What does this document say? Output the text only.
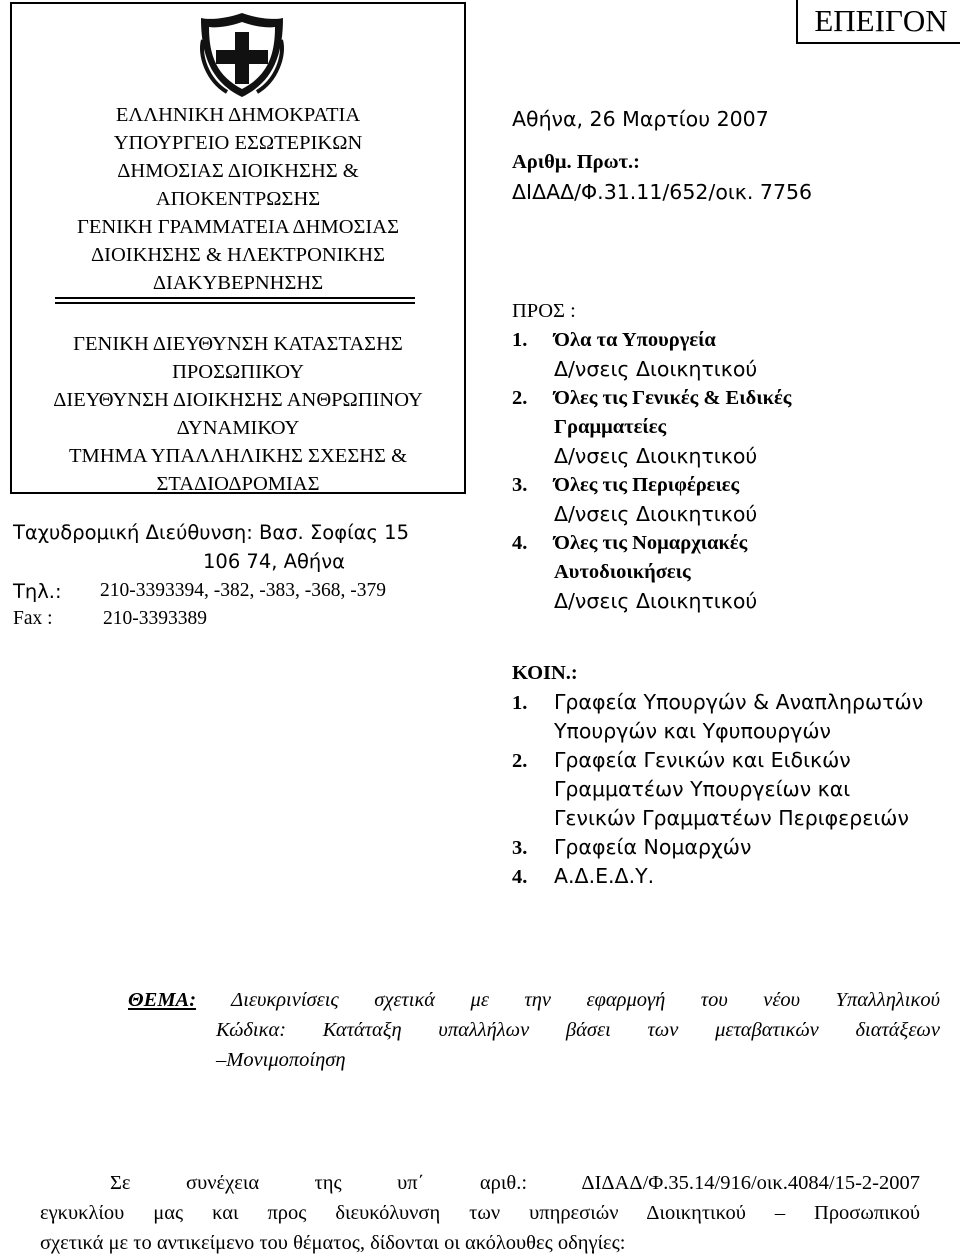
ΕΠΕΙΓΟΝ
ΕΛΛΗΝΙΚΗ ΔΗΜΟΚΡΑΤΙΑ
ΥΠΟΥΡΓΕΙΟ ΕΣΩΤΕΡΙΚΩΝ
ΔΗΜΟΣΙΑΣ ΔΙΟΙΚΗΣΗΣ &
ΑΠΟΚΕΝΤΡΩΣΗΣ
ΓΕΝΙΚΗ ΓΡΑΜΜΑΤΕΙΑ ΔΗΜΟΣΙΑΣ
ΔΙΟΙΚΗΣΗΣ & ΗΛΕΚΤΡΟΝΙΚΗΣ
ΔΙΑΚΥΒΕΡΝΗΣΗΣ
ΓΕΝΙΚΗ ΔΙΕΥΘΥΝΣΗ ΚΑΤΑΣΤΑΣΗΣ
ΠΡΟΣΩΠΙΚΟΥ
ΔΙΕΥΘΥΝΣΗ ΔΙΟΙΚΗΣΗΣ ΑΝΘΡΩΠΙΝΟΥ
ΔΥΝΑΜΙΚΟΥ
ΤΜΗΜΑ ΥΠΑΛΛΗΛΙΚΗΣ ΣΧΕΣΗΣ &
ΣΤΑΔΙΟΔΡΟΜΙΑΣ
Ταχυδρομική Διεύθυνση: Βασ. Σοφίας 15
106 74, Αθήνα
Τηλ.: 210-3393394, -382, -383, -368, -379
Fax :	210-3393389
Αθήνα, 26 Μαρτίου 2007
Αριθμ. Πρωτ.:
ΔΙΔΑΔ/Φ.31.11/652/οικ. 7756
ΠΡΟΣ :
1. Όλα τα Υπουργεία
Δ/νσεις Διοικητικού
2. Όλες τις Γενικές & Ειδικές
Γραμματείες
Δ/νσεις Διοικητικού
3. Όλες τις Περιφέρειες
Δ/νσεις Διοικητικού
4. Όλες τις Νομαρχιακές
Αυτοδιοικήσεις
Δ/νσεις Διοικητικού
ΚΟΙΝ.:
1. Γραφεία Υπουργών & Αναπληρωτών
Υπουργών και Υφυπουργών
2. Γραφεία Γενικών και Ειδικών
Γραμματέων Υπουργείων και
Γενικών Γραμματέων Περιφερειών
3. Γραφεία Νομαρχών
4. Α.Δ.Ε.Δ.Υ.
ΘΕΜΑ: Διευκρινίσεις σχετικά με την εφαρμογή του νέου Υπαλληλικού
Κώδικα: Κατάταξη υπαλλήλων βάσει των μεταβατικών διατάξεων
–Μονιμοποίηση
Σε συνέχεια της υπ΄ αριθ.: ΔΙΔΑΔ/Φ.35.14/916/οικ.4084/15-2-2007
εγκυκλίου μας και προς διευκόλυνση των υπηρεσιών Διοικητικού – Προσωπικού
σχετικά με το αντικείμενο του θέματος, δίδονται οι ακόλουθες οδηγίες:
